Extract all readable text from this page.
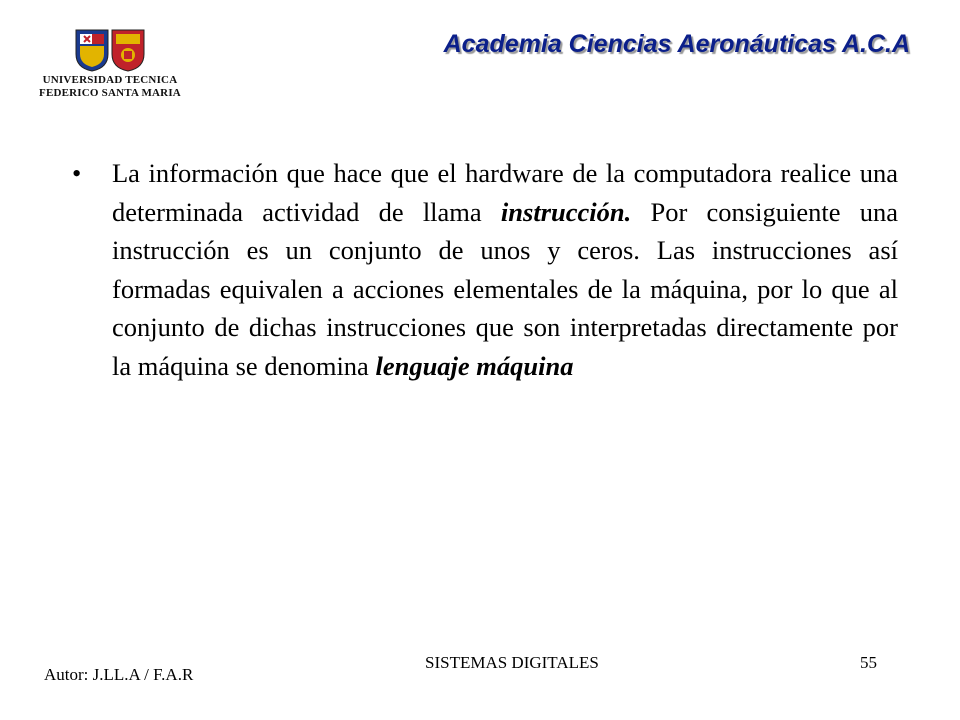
UNIVERSIDAD TECNICA
FEDERICO SANTA MARIA
Academia Ciencias Aeronáuticas A.C.A
• La información que hace que el hardware de la computadora realice una determinada actividad de llama instrucción. Por consiguiente una instrucción es un conjunto de unos y ceros. Las instrucciones así formadas equivalen a acciones elementales de la máquina, por lo que al conjunto de dichas instrucciones que son interpretadas directamente por la máquina se denomina lenguaje máquina
Autor: J.LL.A / F.A.R
SISTEMAS DIGITALES	55
